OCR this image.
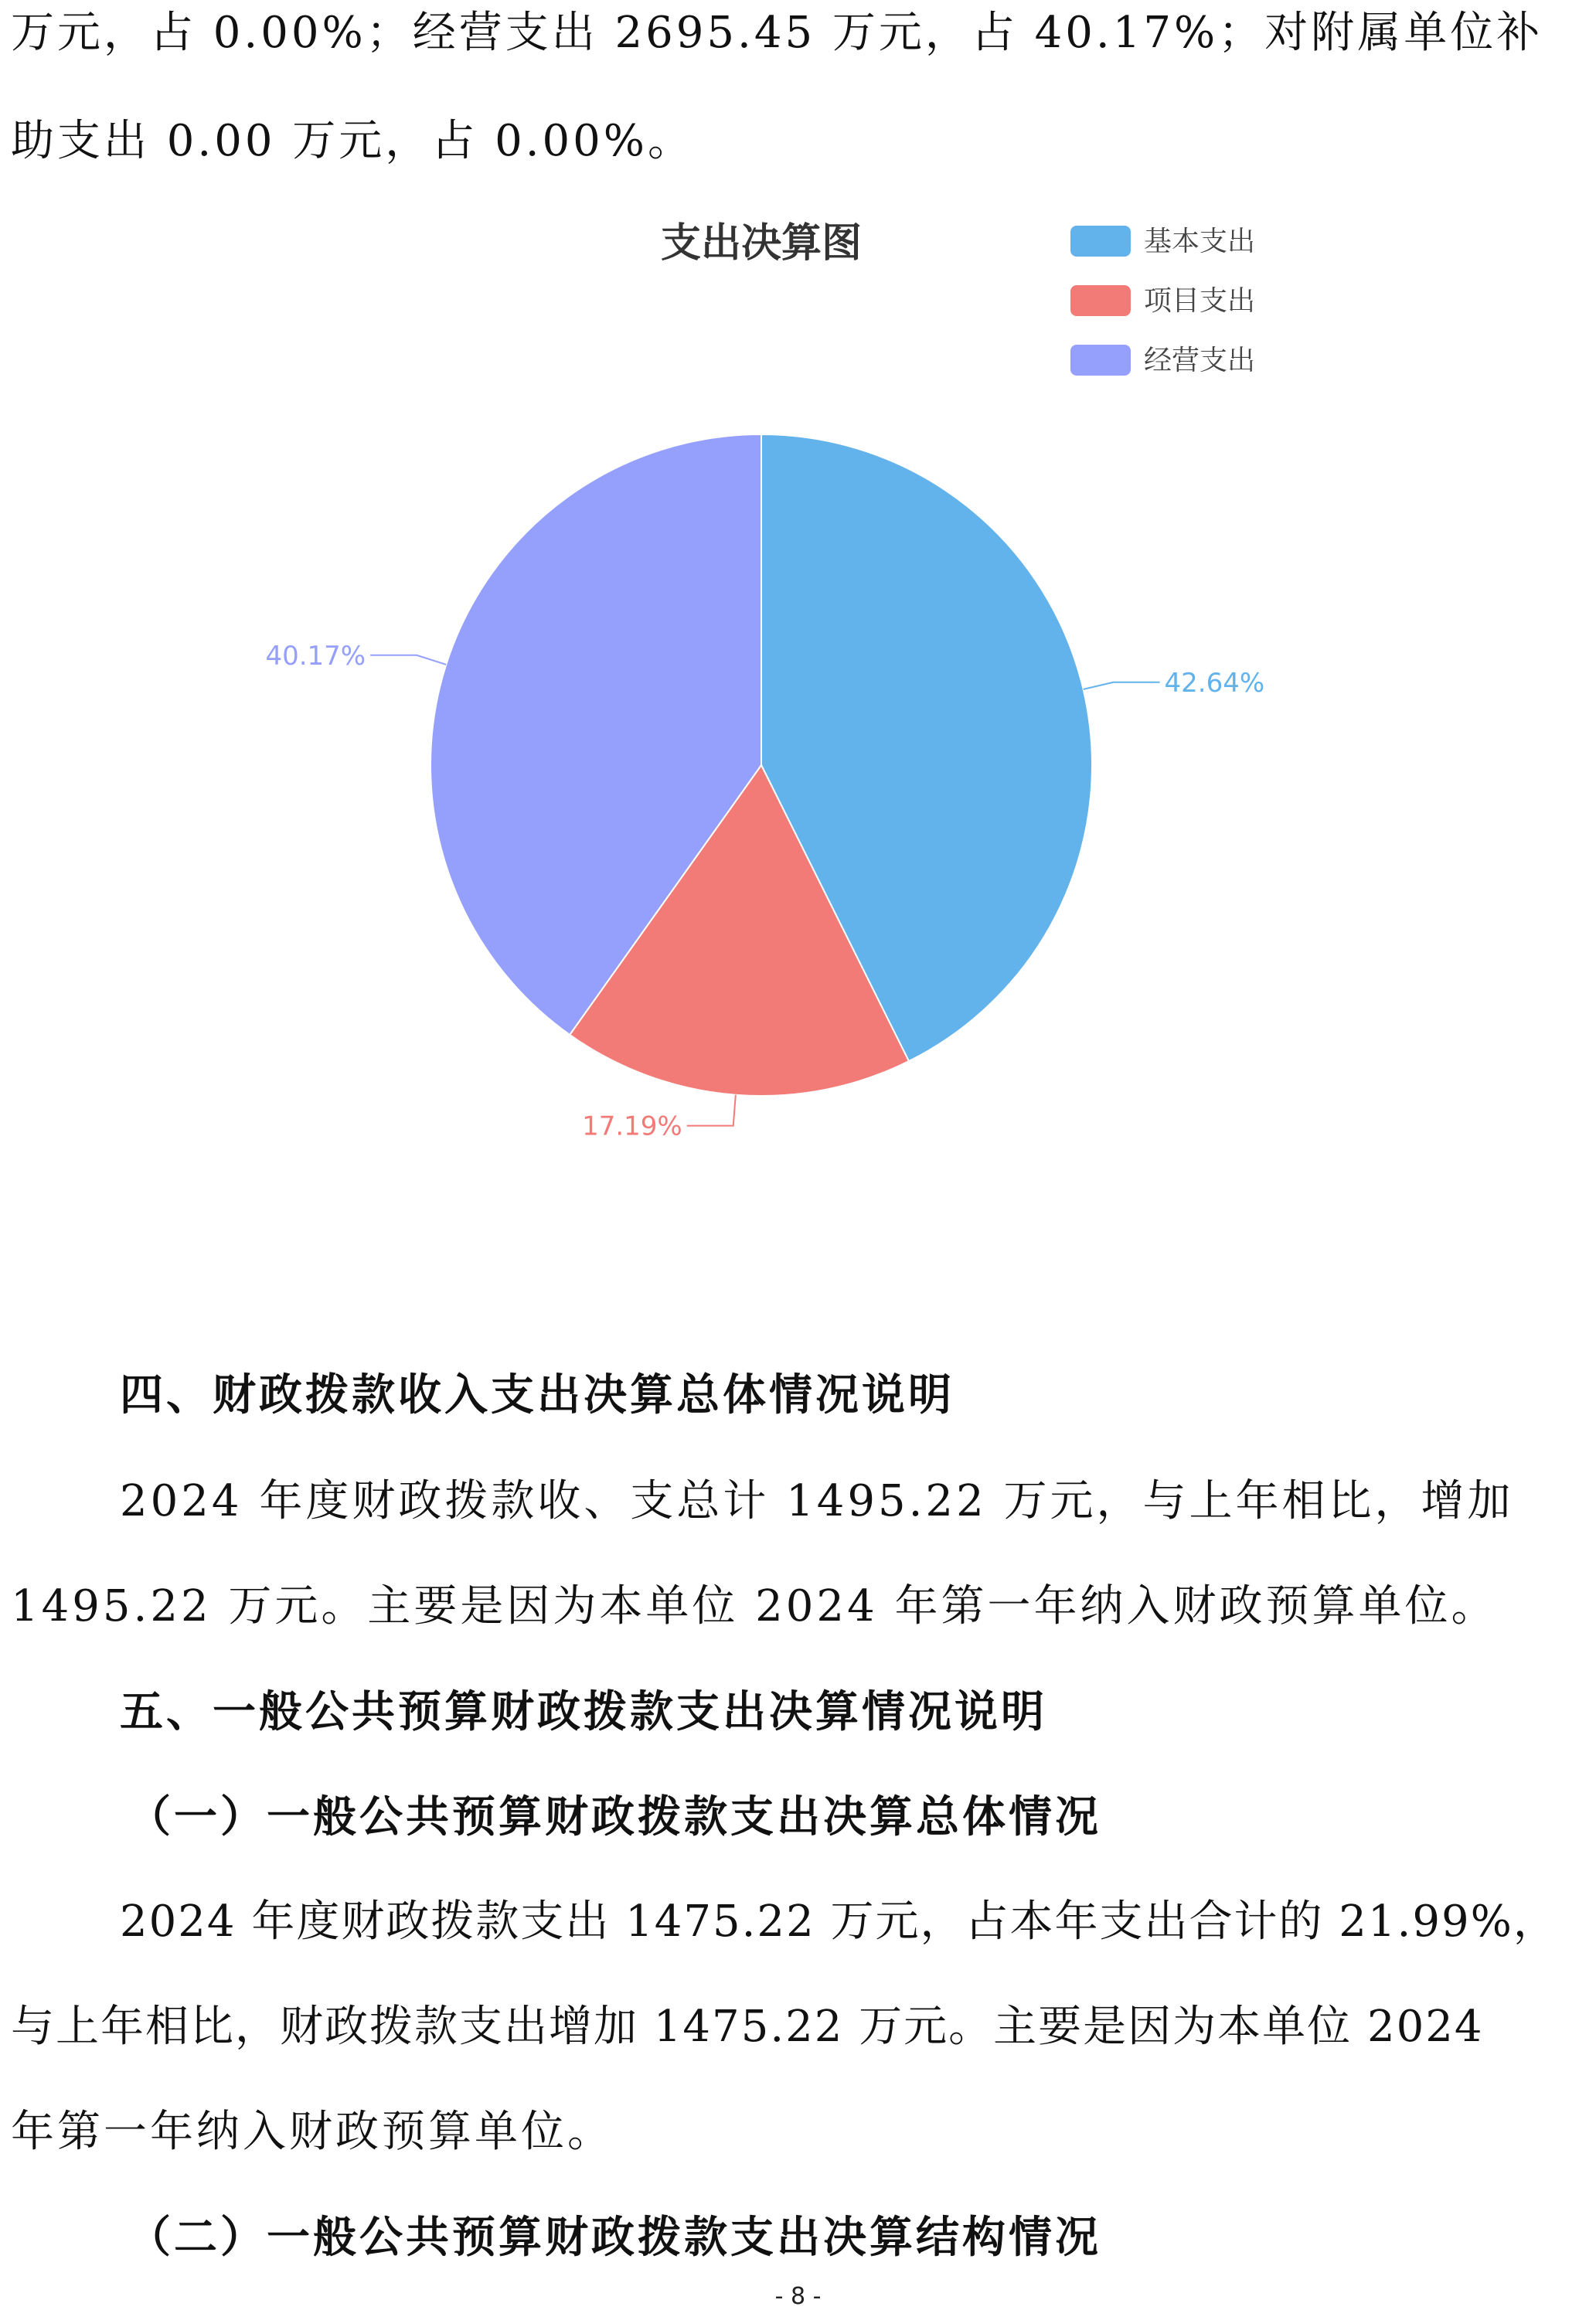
万元，占 0.00%；经营支出 2695.45 万元，占 40.17%；对附属单位补
助支出 0.00 万元，占 0.00%。
支出决算图	基本支出
项目支出
经营支出
42.64%
17.19%
40.17%
四、财政拨款收入支出决算总体情况说明
2024 年度财政拨款收、支总计 1495.22 万元，与上年相比，增加
1495.22 万元。主要是因为本单位 2024 年第一年纳入财政预算单位。
五、一般公共预算财政拨款支出决算情况说明
（一）一般公共预算财政拨款支出决算总体情况
2024 年度财政拨款支出 1475.22 万元，占本年支出合计的 21.99%，
与上年相比，财政拨款支出增加 1475.22 万元。主要是因为本单位 2024
年第一年纳入财政预算单位。
（二）一般公共预算财政拨款支出决算结构情况
- 8 -
